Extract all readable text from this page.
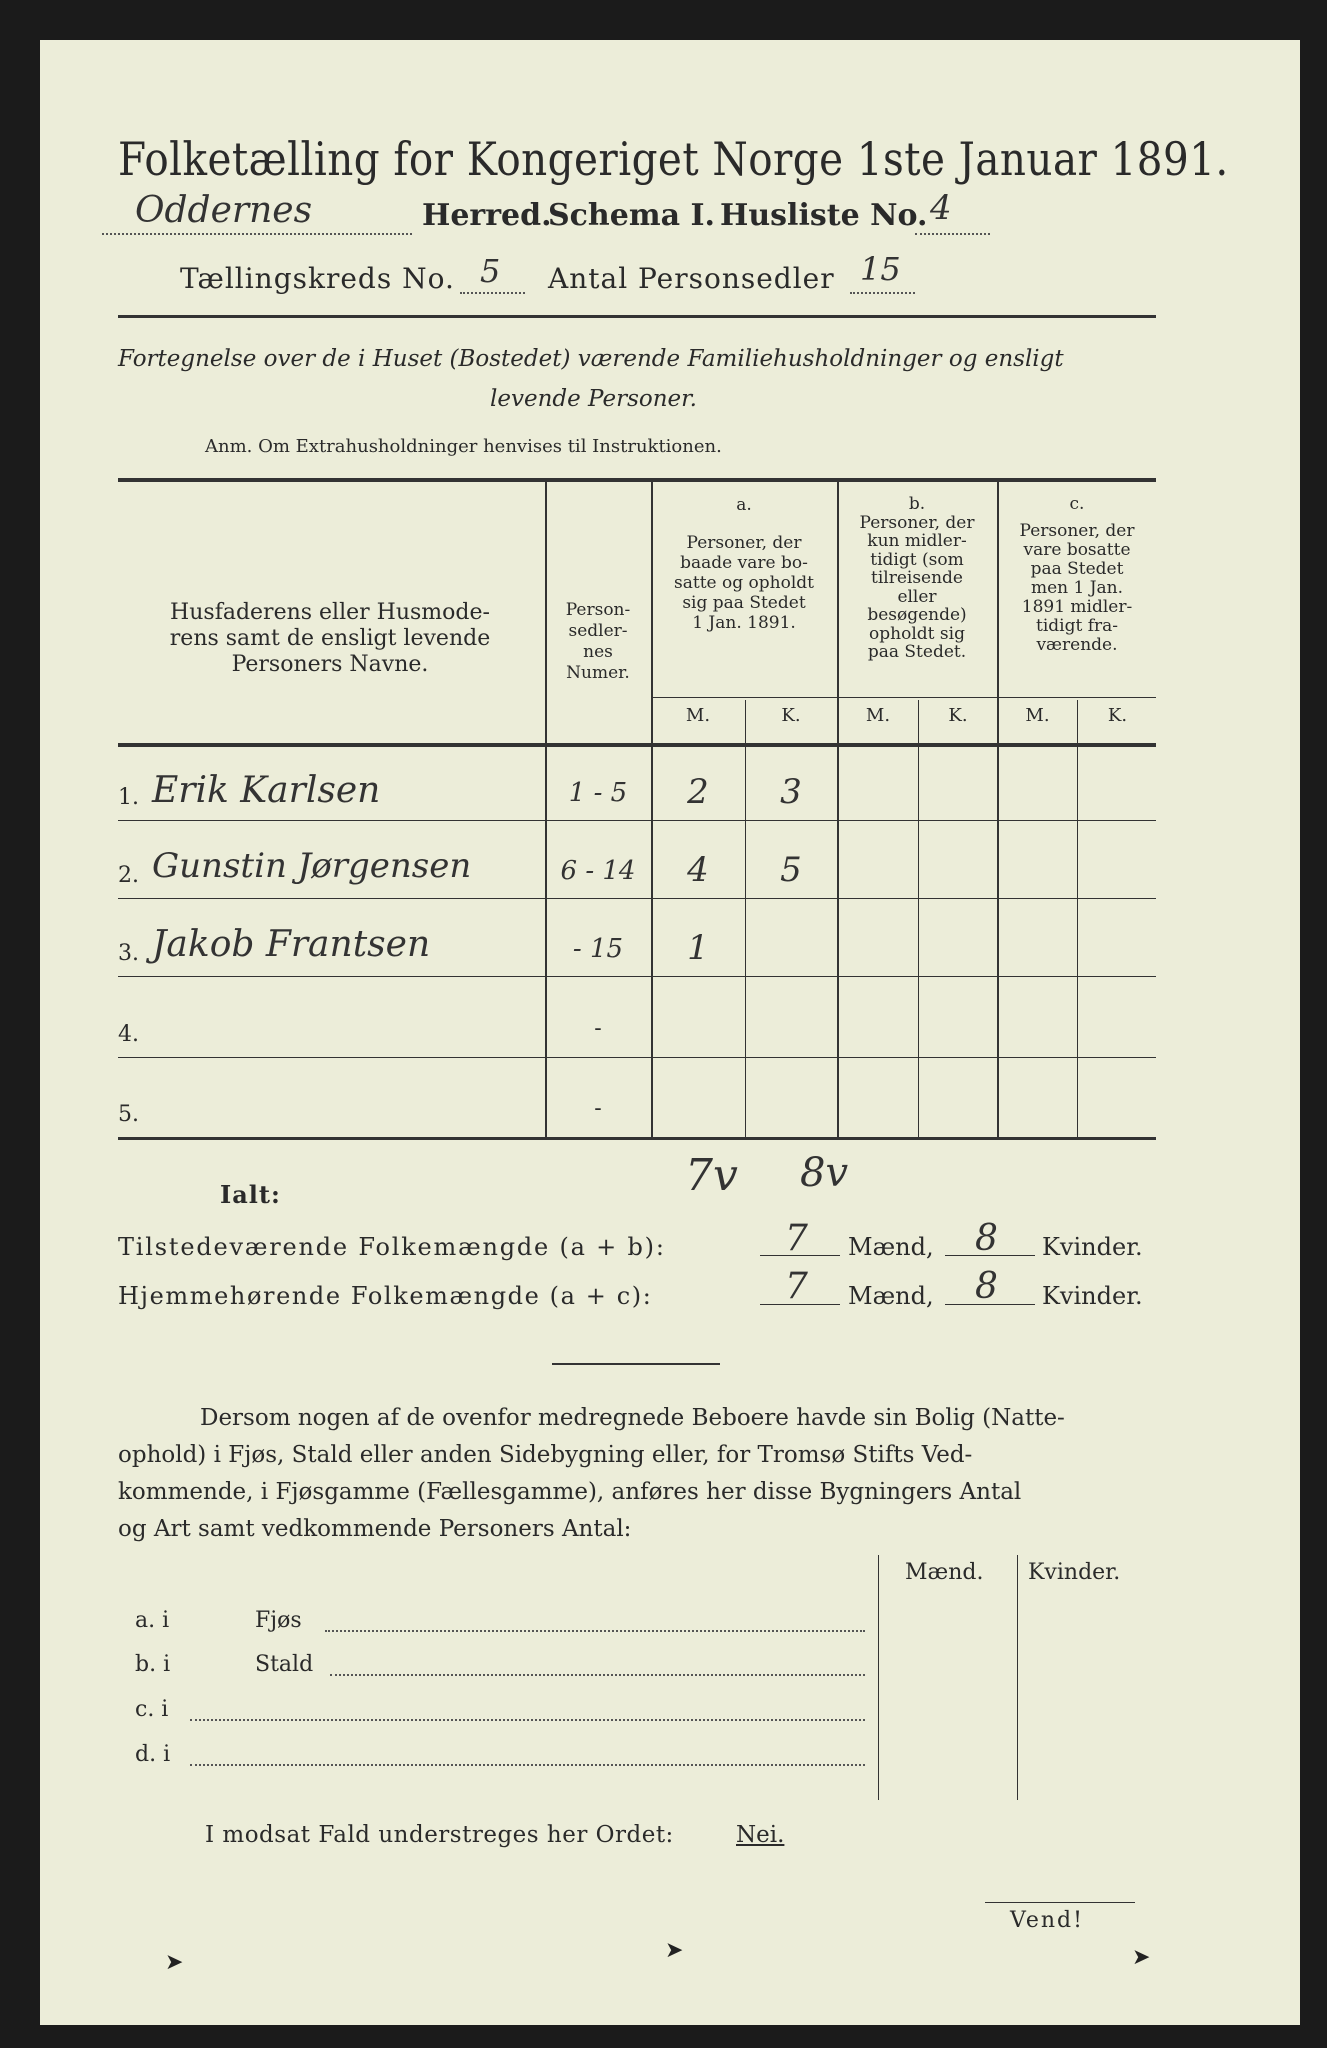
Folketælling for Kongeriget Norge 1ste Januar 1891.
Oddernes	Herred.
Schema I. Husliste No. 4
Tællingskreds No. 5 Antal Personsedler 15
Fortegnelse over de i Huset (Bostedet) værende Familiehusholdninger og ensligt
levende Personer.
Anm. Om Extrahusholdninger henvises til Instruktionen.
Husfaderens eller Husmode-
rens samt de ensligt levende
Personers Navne.
Person-
sedler-
nes
Numer.
a.
Personer, der
baade vare bo-
satte og opholdt
sig paa Stedet
1 Jan. 1891.
b.
Personer, der
kun midler-
tidigt (som
tilreisende
eller
besøgende)
opholdt sig
paa Stedet.
c.
Personer, der
vare bosatte
paa Stedet
men 1 Jan.
1891 midler-
tidigt fra-
værende.
M.	K.	M.	K.	M.	K.
1. Erik Karlsen	1 - 5	2	3
2. Gunstin Jørgensen	6 - 14	4	5
3. Jakob Frantsen	- 15	1
4.	-
5.	-
Ialt:	7v 8v
Tilstedeværende Folkemængde (a + b):	7 Mænd, 8 Kvinder.
Hjemmehørende Folkemængde (a + c):	7 Mænd, 8 Kvinder.
Dersom nogen af de ovenfor medregnede Beboere havde sin Bolig (Natte-
ophold) i Fjøs, Stald eller anden Sidebygning eller, for Tromsø Stifts Ved-
kommende, i Fjøsgamme (Fællesgamme), anføres her disse Bygningers Antal
og Art samt vedkommende Personers Antal:
Mænd. Kvinder.
a. i	Fjøs
b. i	Stald
c. i
d. i
I modsat Fald understreges her Ordet:	Nei.
Vend!
➤	➤	➤
